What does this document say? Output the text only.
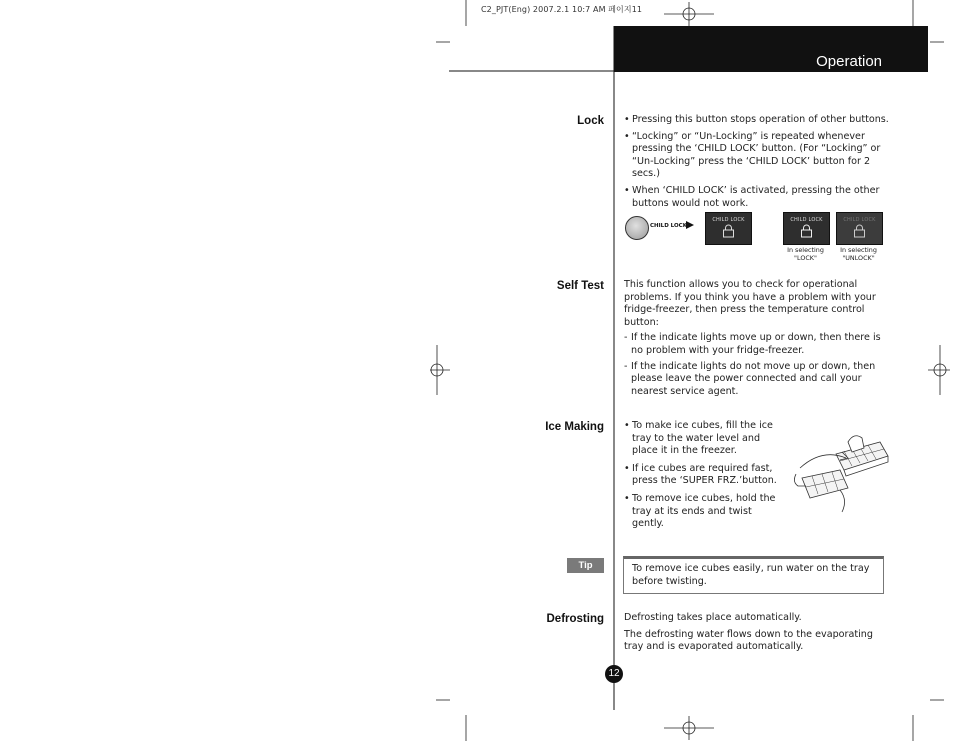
C2_PJT(Eng) 2007.2.1 10:7 AM 페이지11
Operation
Lock	• Pressing this button stops operation of other buttons.
• “Locking” or “Un-Locking” is repeated whenever pressing the ‘CHILD LOCK’ button. (For “Locking” or “Un-Locking” press the ‘CHILD LOCK’ button for 2 secs.)
• When ‘CHILD LOCK’ is activated, pressing the other buttons would not work.
CHILD LOCK
CHILD LOCK	CHILD LOCK
In selecting "LOCK"
CHILD LOCK
In selecting "UNLOCK"
Self Test This function allows you to check for operational problems. If you think you have a problem with your fridge-freezer, then press the temperature control button:
- If the indicate lights move up or down, then there is no problem with your fridge-freezer.
- If the indicate lights do not move up or down, then please leave the power connected and call your nearest service agent.
Ice Making	• To make ice cubes, fill the ice tray to the water level and place it in the freezer.
• If ice cubes are required fast, press the ‘SUPER FRZ.’button.
• To remove ice cubes, hold the tray at its ends and twist gently.
Tip	To remove ice cubes easily, run water on the tray before twisting.
Defrosting Defrosting takes place automatically.
The defrosting water flows down to the evaporating tray and is evaporated automatically.
12
